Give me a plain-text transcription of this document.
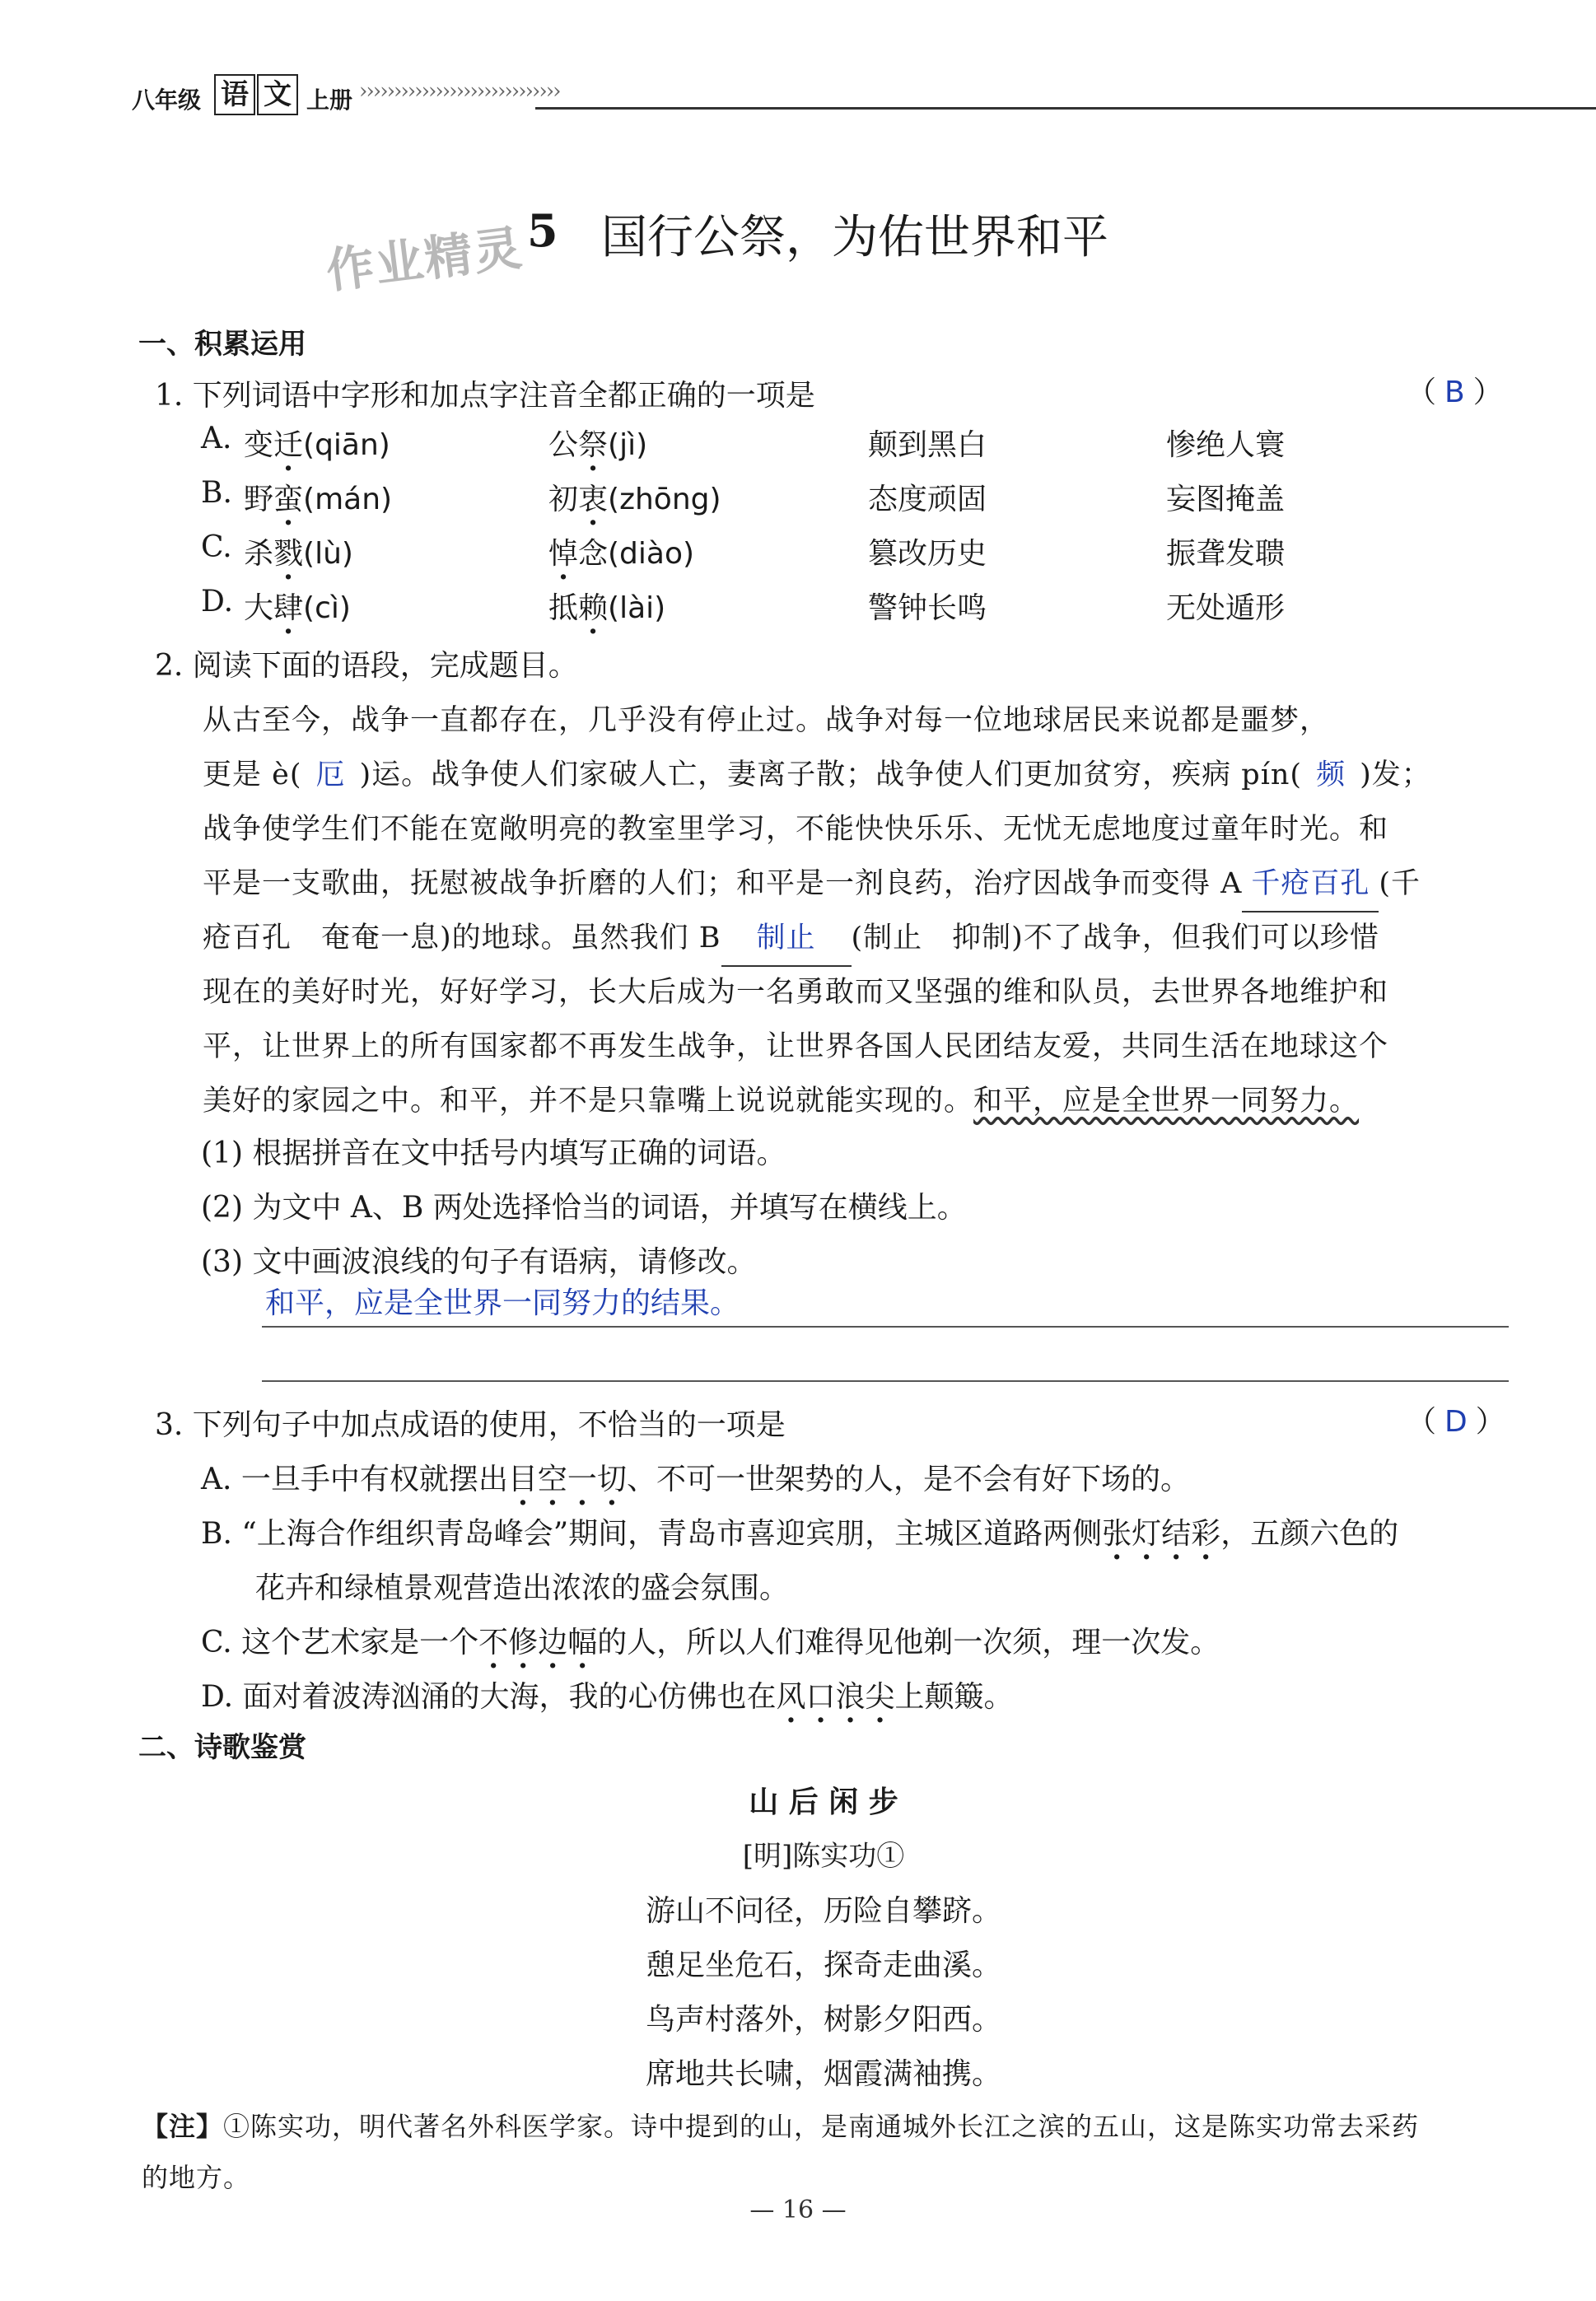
八年级 语 文 上册 ›››››››››››››››››››››››››››››
作业精灵 5 国行公祭，为佑世界和平
一、积累运用
1. 下列词语中字形和加点字注音全都正确的一项是	（ B ）
A. 变迁(qiān)	公祭(jì)	颠到黑白	惨绝人寰
B. 野蛮(mán)	初衷(zhōng)	态度顽固	妄图掩盖
C. 杀戮(lù)	悼念(diào)	篡改历史	振聋发聩
D. 大肆(cì)	抵赖(lài)	警钟长鸣	无处遁形
2. 阅读下面的语段，完成题目。
从古至今，战争一直都存在，几乎没有停止过。战争对每一位地球居民来说都是噩梦，
更是 è( 厄 )运。战争使人们家破人亡，妻离子散；战争使人们更加贫穷，疾病 pín( 频 )发；
战争使学生们不能在宽敞明亮的教室里学习，不能快快乐乐、无忧无虑地度过童年时光。和
平是一支歌曲，抚慰被战争折磨的人们；和平是一剂良药，治疗因战争而变得 A 千疮百孔 (千
疮百孔　奄奄一息)的地球。虽然我们 B 制止 (制止　抑制)不了战争，但我们可以珍惜
现在的美好时光，好好学习，长大后成为一名勇敢而又坚强的维和队员，去世界各地维护和
平，让世界上的所有国家都不再发生战争，让世界各国人民团结友爱，共同生活在地球这个
美好的家园之中。和平，并不是只靠嘴上说说就能实现的。和平，应是全世界一同努力。
(1) 根据拼音在文中括号内填写正确的词语。
(2) 为文中 A、B 两处选择恰当的词语，并填写在横线上。
(3) 文中画波浪线的句子有语病，请修改。
和平，应是全世界一同努力的结果。
3. 下列句子中加点成语的使用，不恰当的一项是	（ D ）
A. 一旦手中有权就摆出目空一切、不可一世架势的人，是不会有好下场的。
B. “上海合作组织青岛峰会”期间，青岛市喜迎宾朋，主城区道路两侧张灯结彩，五颜六色的
花卉和绿植景观营造出浓浓的盛会氛围。
C. 这个艺术家是一个不修边幅的人，所以人们难得见他剃一次须，理一次发。
D. 面对着波涛汹涌的大海，我的心仿佛也在风口浪尖上颠簸。
二、诗歌鉴赏
山 后 闲 步
[明]陈实功①
游山不问径，历险自攀跻。
憩足坐危石，探奇走曲溪。
鸟声村落外，树影夕阳西。
席地共长啸，烟霞满袖携。
【注】①陈实功，明代著名外科医学家。诗中提到的山，是南通城外长江之滨的五山，这是陈实功常去采药
的地方。
— 16 —
